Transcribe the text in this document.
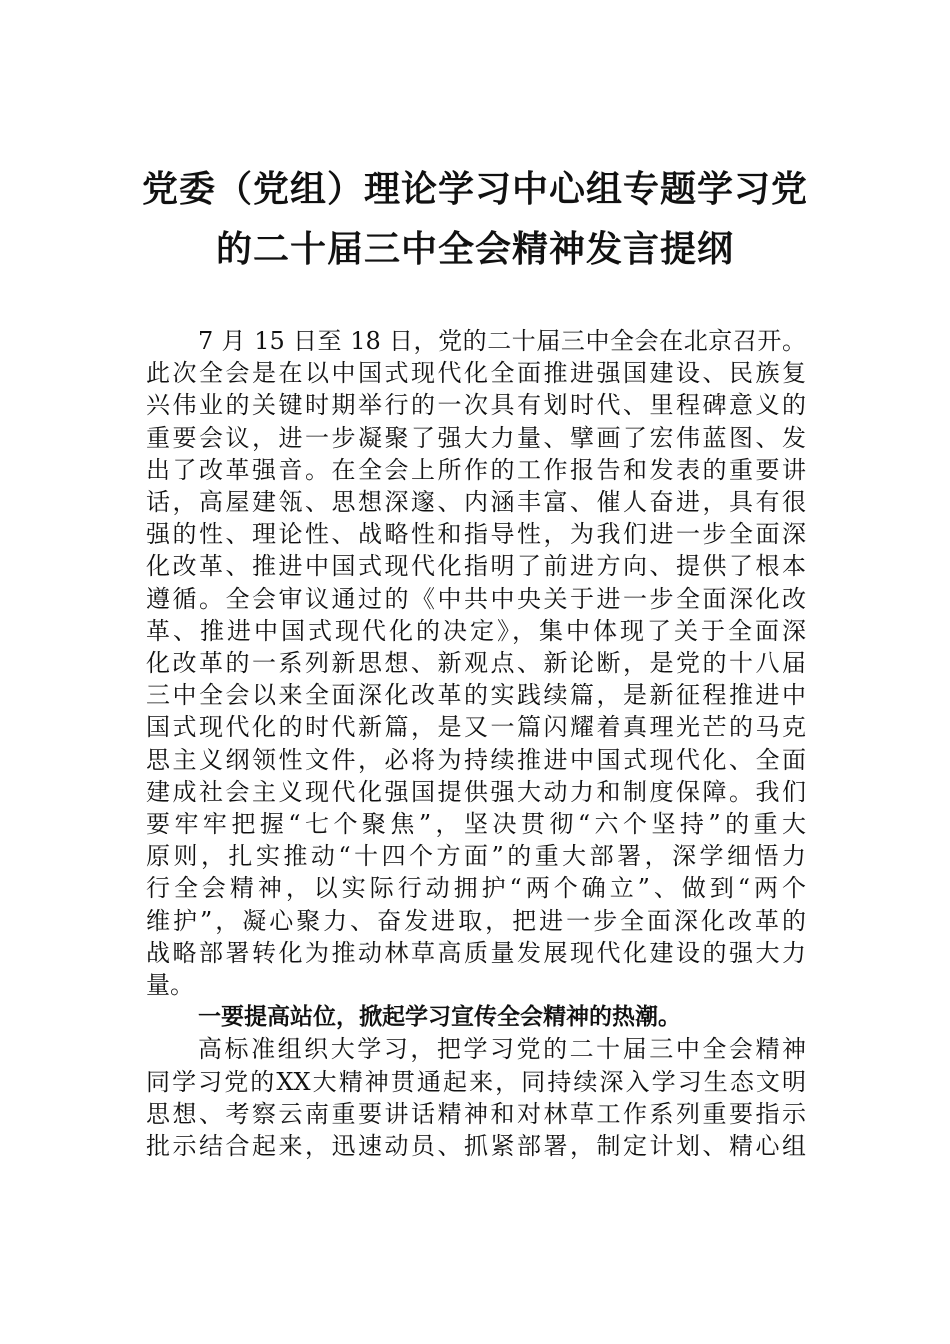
党委（党组）理论学习中心组专题学习党
的二十届三中全会精神发言提纲
7 月 15 日至 18 日，党的二十届三中全会在北京召开。
此次全会是在以中国式现代化全面推进强国建设、民族复
兴伟业的关键时期举行的一次具有划时代、里程碑意义的
重要会议，进一步凝聚了强大力量、擘画了宏伟蓝图、发
出了改革强音。在全会上所作的工作报告和发表的重要讲
话，高屋建瓴、思想深邃、内涵丰富、催人奋进，具有很
强的性、理论性、战略性和指导性，为我们进一步全面深
化改革、推进中国式现代化指明了前进方向、提供了根本
遵循。全会审议通过的《中共中央关于进一步全面深化改
革、推进中国式现代化的决定》，集中体现了关于全面深
化改革的一系列新思想、新观点、新论断，是党的十八届
三中全会以来全面深化改革的实践续篇，是新征程推进中
国式现代化的时代新篇，是又一篇闪耀着真理光芒的马克
思主义纲领性文件，必将为持续推进中国式现代化、全面
建成社会主义现代化强国提供强大动力和制度保障。我们
要牢牢把握“七个聚焦”，坚决贯彻“六个坚持”的重大
原则，扎实推动“十四个方面”的重大部署，深学细悟力
行全会精神，以实际行动拥护“两个确立”、做到“两个
维护”，凝心聚力、奋发进取，把进一步全面深化改革的
战略部署转化为推动林草高质量发展现代化建设的强大力
量。
一要提高站位，掀起学习宣传全会精神的热潮。
高标准组织大学习，把学习党的二十届三中全会精神
同学习党的XX大精神贯通起来，同持续深入学习生态文明
思想、考察云南重要讲话精神和对林草工作系列重要指示
批示结合起来，迅速动员、抓紧部署，制定计划、精心组
